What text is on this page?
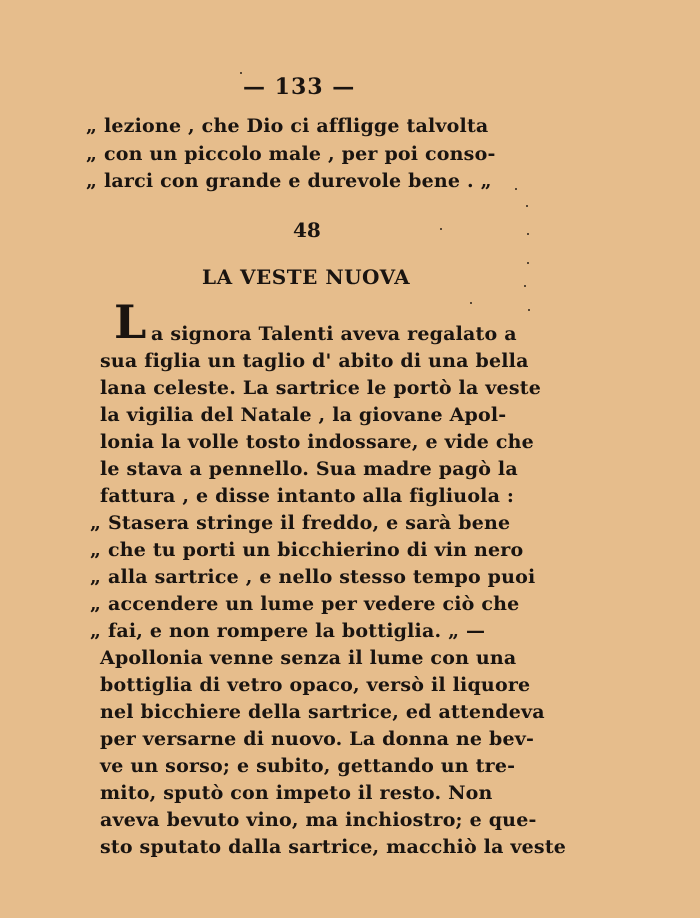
— 133 —
„ lezione , che Dio ci affligge talvolta
„ con un piccolo male , per poi conso-
„ larci con grande e durevole bene . „
48
LA VESTE NUOVA
L a signora Talenti aveva regalato a
sua figlia un taglio d' abito di una bella
lana celeste. La sartrice le portò la veste
la vigilia del Natale , la giovane Apol-
lonia la volle tosto indossare, e vide che
le stava a pennello. Sua madre pagò la
fattura , e disse intanto alla figliuola :
„ Stasera stringe il freddo, e sarà bene
„ che tu porti un bicchierino di vin nero
„ alla sartrice , e nello stesso tempo puoi
„ accendere un lume per vedere ciò che
„ fai, e non rompere la bottiglia. „ —
Apollonia venne senza il lume con una
bottiglia di vetro opaco, versò il liquore
nel bicchiere della sartrice, ed attendeva
per versarne di nuovo. La donna ne bev-
ve un sorso; e subito, gettando un tre-
mito, sputò con impeto il resto. Non
aveva bevuto vino, ma inchiostro; e que-
sto sputato dalla sartrice, macchiò la veste
